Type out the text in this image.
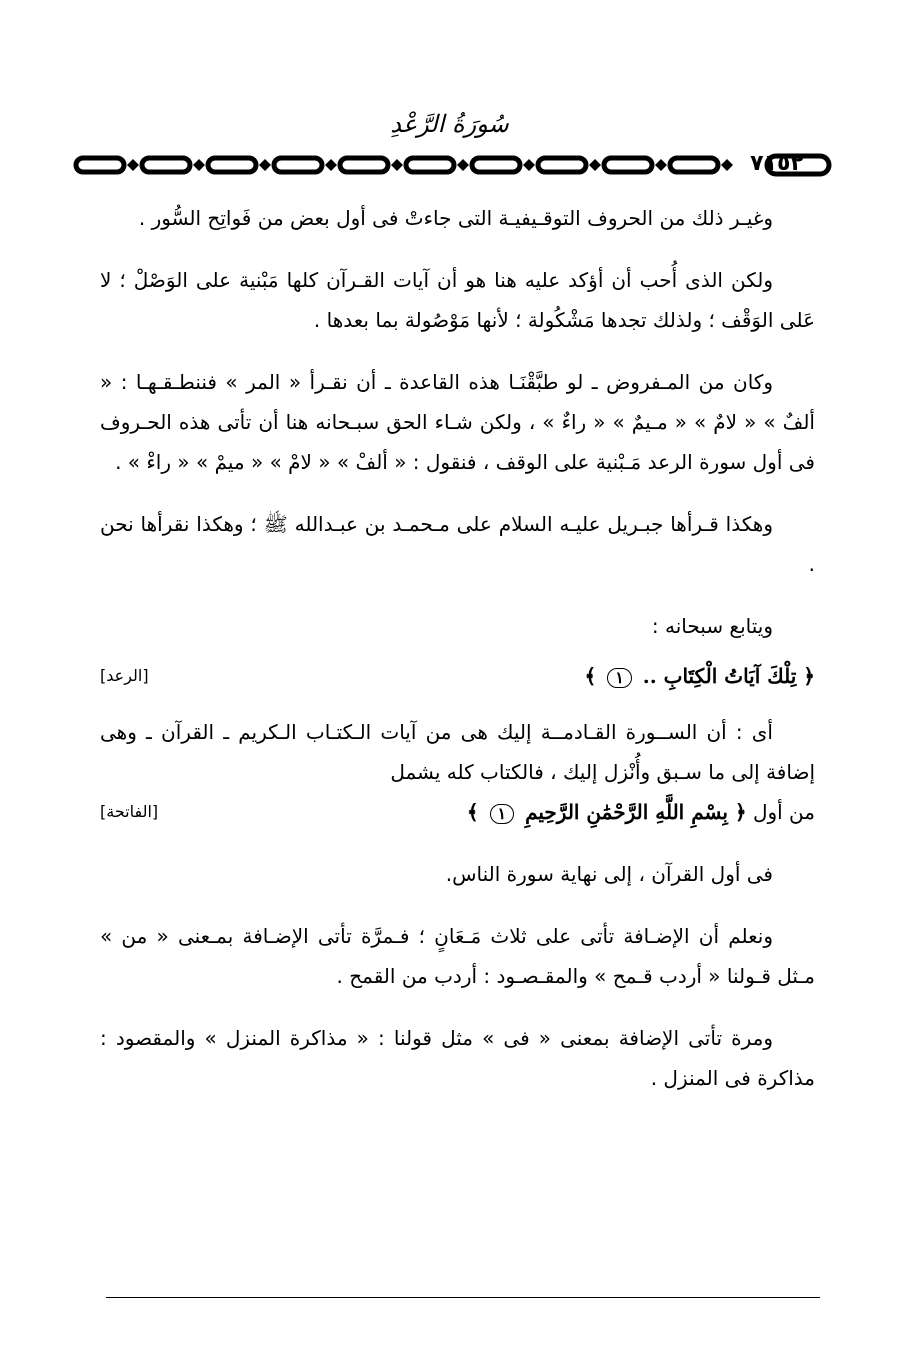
سُورَةُ الرَّعْدِ
٧١٥٢

وغيـر ذلك من الحروف التوقـيفيـة التى جاءتْ فى أول بعض من فَواتِح السُّور .

ولكن الذى أُحب أن أؤكد عليه هنا هو أن آيات القـرآن كلها مَبْنية على الوَصْلْ ؛ لا عَلى الوَقْف ؛ ولذلك تجدها مَشْكُولة ؛ لأنها مَوْصُولة بما بعدها .

وكان من المـفروض ـ لو طبَّقْنَـا هذه القاعدة ـ أن نقـرأ « المر » فننطـقـهـا : « ألفٌ » « لامٌ » « مـيمٌ » « راءٌ » ، ولكن شـاء الحق سبـحانه هنا أن تأتى هذه الحـروف فى أول سورة الرعد مَـبْنية على الوقف ، فنقول : « ألفْ » « لامْ » « ميمْ » « راءْ » .

وهكذا قـرأها جبـريل عليـه السلام على مـحمـد بن عبـدالله ﷺ ؛ وهكذا نقرأها نحن .

ويتابع سبحانه :

﴿ تِلْكَ آيَاتُ الْكِتَابِ .. ١ ﴾
[الرعد]

أى : أن الســورة القـادمــة إليك هى من آيات الـكتـاب الـكريم ـ القرآن ـ وهى إضافة إلى ما سـبق وأُنْزل إليك ، فالكتاب كله يشمل

من أول ﴿ بِسْمِ اللَّهِ الرَّحْمَٰنِ الرَّحِيمِ ١ ﴾
[الفاتحة]

فى أول القرآن ، إلى نهاية سورة الناس.

ونعلم أن الإضـافة تأتى على ثلاث مَـعَانٍ ؛ فـمرَّة تأتى الإضـافة بمـعنى « من » مـثل قـولنا « أردب قـمح » والمقـصـود : أردب من القمح .

ومرة تأتى الإضافة بمعنى « فى » مثل قولنا : « مذاكرة المنزل » والمقصود : مذاكرة فى المنزل .
